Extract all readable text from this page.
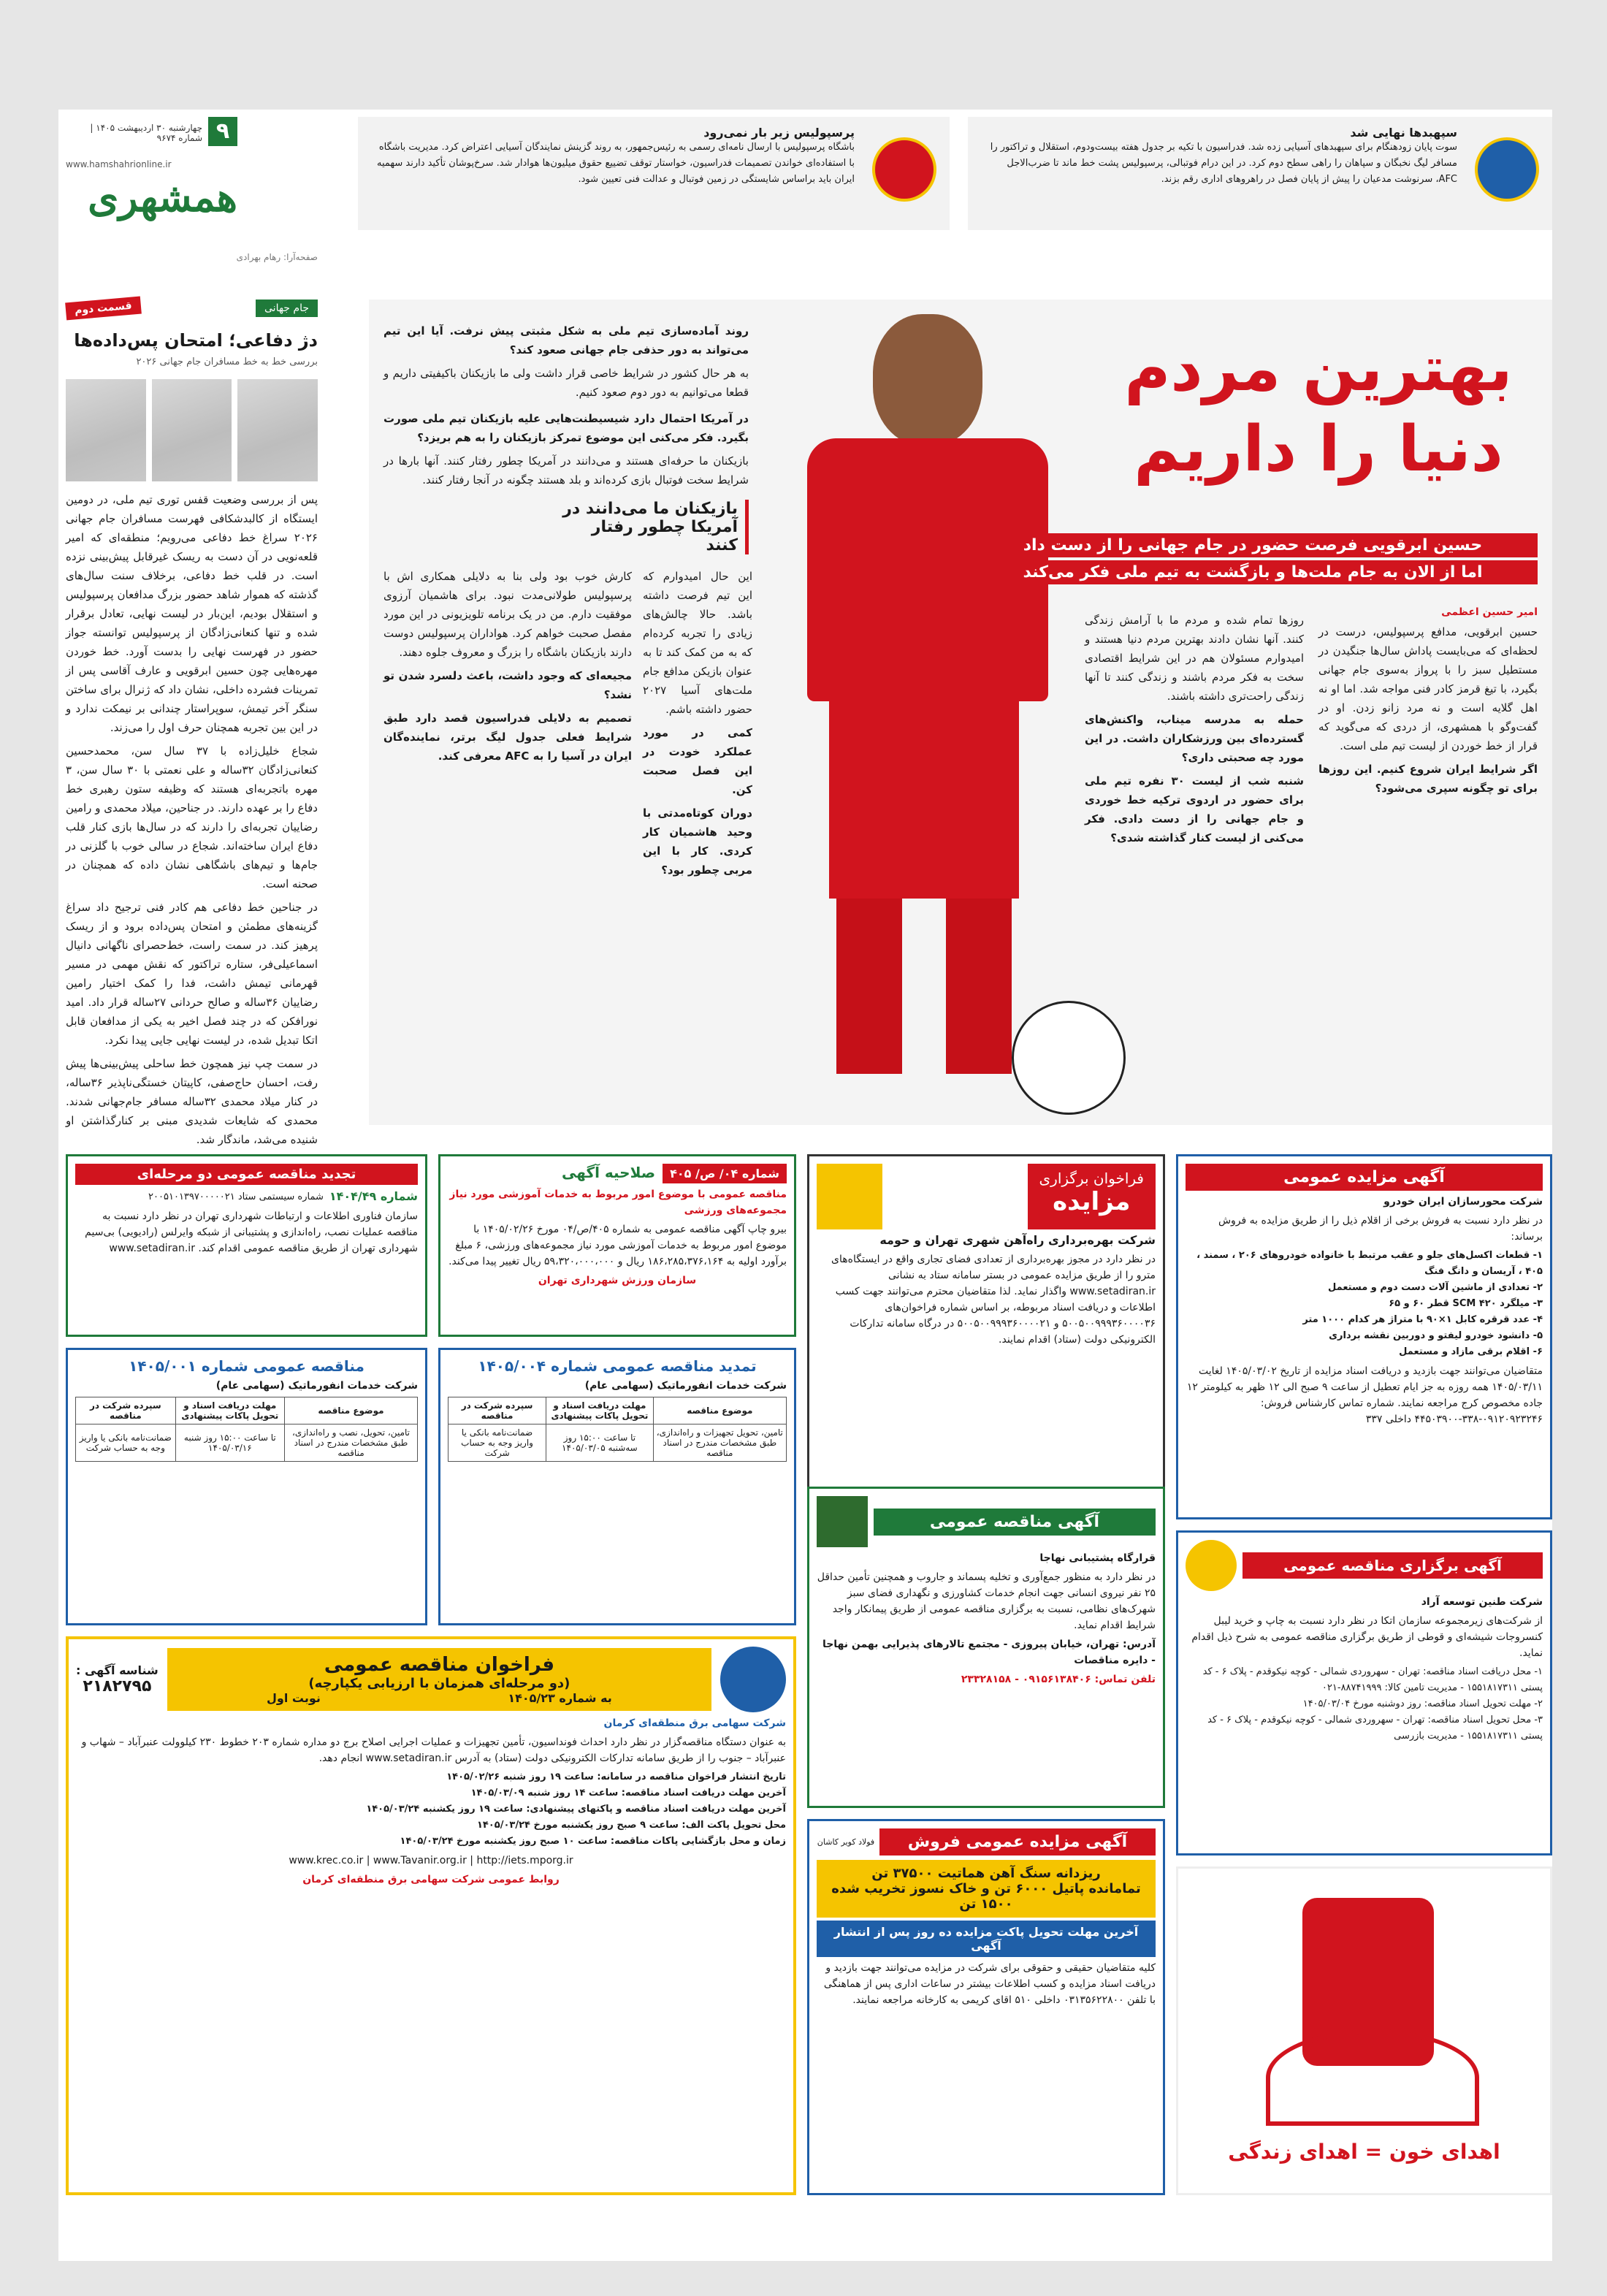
۹
چهارشنبه ۳۰ اردیبهشت ۱۴۰۵ | شماره ۹۶۷۴
www.hamshahrionline.ir
همشهری
پرسپولیس زیر بار نمی‌رود
باشگاه پرسپولیس با ارسال نامه‌ای رسمی به رئیس‌جمهور، به روند گزینش نمایندگان آسیایی اعتراض کرد. مدیریت باشگاه با استفاده‌ای خواندن تصمیمات فدراسیون، خواستار توقف تضییع حقوق میلیون‌ها هوادار شد. سرخ‌پوشان تأکید دارند سهمیه ایران باید براساس شایستگی در زمین فوتبال و عدالت فنی تعیین شود.
سپهبدها نهایی شد
سوت پایان زودهنگام برای سپهبدهای آسیایی زده شد. فدراسیون با تکیه بر جدول هفته بیست‌ودوم، استقلال و تراکتور را مسافر لیگ نخبگان و سپاهان را راهی سطح دوم کرد. در این درام فوتبالی، پرسپولیس پشت خط ماند تا ضرب‌الاجل AFC، سرنوشت مدعیان را پیش از پایان فصل در راهروهای اداری رقم بزند.
صفحه‌آرا: رهام بهرادی
جام جهانی
قسمت دوم
دژ دفاعی؛ امتحان پس‌داده‌ها
بررسی خط به خط مسافران جام جهانی ۲۰۲۶

پس از بررسی وضعیت قفس توری تیم ملی، در دومین ایستگاه از کالبدشکافی فهرست مسافران جام جهانی ۲۰۲۶ سراغ خط دفاعی می‌رویم؛ منطقه‌ای که امیر قلعه‌نویی در آن دست به ریسک غیرقابل پیش‌بینی نزده است. در قلب خط دفاعی، برخلاف سنت سال‌های گذشته که هموار شاهد حضور بزرگ مدافعان پرسپولیس و استقلال بودیم، این‌بار در لیست نهایی، تعادل برقرار شده و تنها کنعانی‌زادگان از پرسپولیس توانسته جواز حضور در فهرست نهایی را بدست آورد. خط خوردن مهره‌هایی چون حسین ابرقویی و عارف آقاسی پس از تمرینات فشرده داخلی، نشان داد که ژنرال برای ساختن سنگر آخر تیمش، سوپراستار چندانی بر نیمکت ندارد و در این بین تجربه همچنان حرف اول را می‌زند.

شجاع خلیل‌زاده با ۳۷ سال سن، محمدحسین کنعانی‌زادگان ۳۲ساله و علی نعمتی با ۳۰ سال سن، ۳ مهره باتجربه‌ای هستند که وظیفه ستون رهبری خط دفاع را بر عهده دارند. در جناحین، میلاد محمدی و رامین رضاییان تجربه‌ای را دارند که در سال‌ها بازی کنار قلب دفاع ایران ساخته‌اند. شجاع در سالی خوب با گلزنی در جام‌ها و تیم‌های باشگاهی نشان داده که همچنان در صحنه است.

در جناحین خط دفاعی هم کادر فنی ترجیح داد سراغ گزینه‌های مطمئن و امتحان پس‌داده برود و از ریسک پرهیز کند. در سمت راست، خط‌حصرای ناگهانی دانیال اسماعیلی‌فر، ستاره تراکتور که نقش مهمی در مسیر قهرمانی تیمش داشت، فدا را کمک اختیار رامین رضاییان ۳۶ساله و صالح حردانی ۲۷ساله قرار داد. امید نورافکن که در چند فصل اخیر به یکی از مدافعان قابل اتکا تبدیل شده، در لیست نهایی جایی پیدا نکرد.

در سمت چپ نیز همچون خط ساحلی پیش‌بینی‌ها پیش رفت، احسان حاج‌صفی، کاپیتان خستگی‌ناپذیر ۳۶ساله، در کنار میلاد محمدی ۳۲ساله مسافر جام‌جهانی شدند. محمدی که شایعات شدیدی مبنی بر کنارگذاشتن او شنیده می‌شد، ماندگار شد.

بهترین مردم
دنیا را داریم
حسین ابرقویی فرصت حضور در جام جهانی را از دست داد
اما از الان به جام ملت‌ها و بازگشت به تیم ملی فکر می‌کند
امیر حسین اعظمی

حسین ابرقویی، مدافع پرسپولیس، درست در لحظه‌ای که می‌بایست پاداش سال‌ها جنگیدن در مستطیل سبز را با پرواز به‌سوی جام جهانی بگیرد، با تیغ قرمز کادر فنی مواجه شد. اما او نه اهل گلایه است و نه مرد زانو زدن. او در گفت‌وگو با همشهری، از دردی که می‌گوید که قرار از خط خوردن از لیست تیم ملی است.

اگر شرایط ایران شروع کنیم. این روزها برای تو چگونه سپری می‌شود؟

روزها تمام شده و مردم ما با آرامش زندگی کنند. آنها نشان دادند بهترین مردم دنیا هستند و امیدوارم مسئولان هم در این شرایط اقتصادی سخت به فکر مردم باشند و زندگی کنند تا آنها زندگی راحت‌تری داشته باشند.

حمله به مدرسه میناب، واکنش‌های گسترده‌ای بین ورزشکاران داشت. در این مورد چه صحبتی داری؟

شنبه شب از لیست ۳۰ نفره تیم ملی برای حضور در اردوی ترکیه خط خوردی و جام جهانی را از دست دادی. فکر می‌کنی از لیست کنار گذاشته شدی؟

روند آماده‌سازی تیم ملی به شکل مثبتی پیش نرفت. آیا این تیم می‌تواند به دور حذفی جام جهانی صعود کند؟

به هر حال کشور در شرایط خاصی قرار داشت ولی ما بازیکنان باکیفیتی داریم و قطعا می‌توانیم به دور دوم صعود کنیم.

در آمریکا احتمال دارد شیسیطنت‌هایی علیه بازیکنان تیم ملی صورت بگیرد. فکر می‌کنی این موضوع تمرکز بازیکنان را به هم بریزد؟

بازیکنان ما حرفه‌ای هستند و می‌دانند در آمریکا چطور رفتار کنند. آنها بارها در شرایط سخت فوتبال بازی کرده‌اند و بلد هستند چگونه در آنجا رفتار کنند.

بازیکنان ما می‌دانند در آمریکا چطور رفتار کنند

کارش خوب بود ولی بنا به دلایلی همکاری اش با پرسپولیس طولانی‌مدت نبود. برای هاشمیان آرزوی موفقیت دارم. من در یک برنامه تلویزیونی در این مورد مفصل صحبت خواهم کرد. هواداران پرسپولیس دوست دارند بازیکنان باشگاه را بزرگ و معروف جلوه دهند.

مجیعه‌ای که وجود داشت، باعث دلسرد شدن تو نشد؟

تصمیم به دلایلی فدراسیون قصد دارد طبق شرایط فعلی جدول لیگ برتر، نماینده‌گان ایران در آسیا را به AFC معرفی کند.

این حال امیدوارم که این تیم فرصت داشته باشد. حالا چالش‌های زیادی را تجربه کرده‌ام که به من کمک کند تا به عنوان بازیکن مدافع جام ملت‌های آسیا ۲۰۲۷ حضور داشته باشم.

کمی در مورد عملکرد خودت در این فصل صحبت کن.

دوران کوتاه‌مدتی با وحید هاشمیان کار کردی. کار با این مربی چطور بود؟

آگهی مزایده عمومی

شرکت محورسازان ایران خودرو

در نظر دارد نسبت به فروش برخی از اقلام ذیل را از طریق مزایده به فروش برساند:

۱- قطعات اکسل‌های جلو و عقب مرتبط با خانواده خودروهای ۲۰۶ ، سمند ، ۴۰۵ ، آریسان و دانگ فنگ
۲- تعدادی از ماشین آلات دست دوم و مستعمل
۳- میلگرد SCM ۴۲۰ قطر ۶۰ و ۶۵
۴- عدد قرقره کابل ۱×۹۰ با متراژ هر کدام ۱۰۰۰ متر
۵- دانشود خودرو لیفتو و دوربین نقشه برداری
۶- اقلام برقی مازاد و مستعمل

متقاضیان می‌توانند جهت بازدید و دریافت اسناد مزایده از تاریخ ۱۴۰۵/۰۳/۰۲ لغایت ۱۴۰۵/۰۳/۱۱ همه روزه به جز ایام تعطیل از ساعت ۹ صبح الی ۱۲ ظهر به کیلومتر ۱۲ جاده مخصوص کرج مراجعه نمایند. شماره تماس کارشناس فروش: ۰۹۱۲۰۹۲۳۲۴۶-۳۳۸-۴۴۵۰۳۹۰۰ داخلی ۳۳۷

فراخوان برگزاری
مزایده

شرکت بهره‌برداری راه‌آهن شهری تهران و حومه

در نظر دارد در مجوز بهره‌برداری از تعدادی فضای تجاری واقع در ایستگاه‌های مترو را از طریق مزایده عمومی در بستر سامانه ستاد به نشانی www.setadiran.ir واگذار نماید. لذا متقاضیان محترم می‌توانند جهت کسب اطلاعات و دریافت اسناد مربوطه، بر اساس شماره فراخوان‌های ۵۰۰۵۰۰۹۹۹۳۶۰۰۰۰۳۶ و ۵۰۰۵۰۰۹۹۹۳۶۰۰۰۰۲۱ در درگاه سامانه تدارکات الکترونیکی دولت (ستاد) اقدام نمایند.

شماره ۰۴/ ص/ ۴۰۵
صلاحیه آگهی

مناقصه عمومی با موضوع امور مربوط به خدمات آموزشی مورد نیاز مجموعه‌های ورزشی

بیرو چاپ آگهی مناقصه عمومی به شماره ۴۰۵/ص/۰۴ مورخ ۱۴۰۵/۰۲/۲۶ با موضوع امور مربوط به خدمات آموزشی مورد نیاز مجموعه‌های ورزشی، ۶ مبلغ برآورد اولیه به ۱۸۶،۲۸۵،۳۷۶،۱۶۴ ریال و ۵۹،۳۲۰،۰۰۰،۰۰۰ ریال تغییر پیدا می‌کند.

سازمان ورزش شهرداری تهران

تجدید مناقصه عمومی دو مرحله‌ای
شماره ۱۴۰۴/۴۹
شماره سیستمی ستاد ۲۰۰۵۱۰۱۳۹۷۰۰۰۰۰۲۱

سازمان فناوری اطلاعات و ارتباطات شهرداری تهران در نظر دارد نسبت به مناقصه عملیات نصب، راه‌اندازی و پشتیبانی از شبکه وایرلس (رادیویی) بی‌سیم شهرداری تهران از طریق مناقصه عمومی اقدام کند. www.setadiran.ir

تمدید مناقصه عمومی شماره ۱۴۰۵/۰۰۴

شرکت خدمات انفورماتیک (سهامی عام)

موضوع مناقصه	مهلت دریافت اسناد و تحویل پاکات پیشنهادی	سپرده شرکت در مناقصه
تامین، تحویل تجهیزات و راه‌اندازی، طبق مشخصات مندرج در اسناد مناقصه	تا ساعت ۱۵:۰۰ روز سه‌شنبه ۱۴۰۵/۰۳/۰۵	ضمانت‌نامه بانکی یا واریز وجه به حساب شرکت
مناقصه عمومی شماره ۱۴۰۵/۰۰۱

شرکت خدمات انفورماتیک (سهامی عام)

موضوع مناقصه	مهلت دریافت اسناد و تحویل پاکات پیشنهادی	سپرده شرکت در مناقصه
تامین، تحویل، نصب و راه‌اندازی، طبق مشخصات مندرج در اسناد مناقصه	تا ساعت ۱۵:۰۰ روز شنبه ۱۴۰۵/۰۳/۱۶	ضمانت‌نامه بانکی یا واریز وجه به حساب شرکت
آگهی برگزاری مناقصه عمومی

شرکت طنین توسعه آراد

از شرکت‌های زیرمجموعه سازمان اتکا در نظر دارد نسبت به چاپ و خرید لیبل کنسروجات شیشه‌ای و قوطی از طریق برگزاری مناقصه عمومی به شرح ذیل اقدام نماید.

۱- محل دریافت اسناد مناقصه: تهران - سهروردی شمالی - کوچه نیکوقدم - پلاک ۶ - کد پستی ۱۵۵۱۸۱۷۳۱۱ - مدیریت تامین کالا: ۸۸۷۴۱۹۹۹-۰۲۱
۲- مهلت تحویل اسناد مناقصه: روز دوشنبه مورخ ۱۴۰۵/۰۳/۰۴
۳- محل تحویل اسناد مناقصه: تهران - سهروردی شمالی - کوچه نیکوقدم - پلاک ۶ - کد پستی ۱۵۵۱۸۱۷۳۱۱ - مدیریت بازرسی
آگهی مناقصه عمومی

قرارگاه پشتیبانی نهاجا

در نظر دارد به منظور جمع‌آوری و تخلیه پسماند و جاروب و همچنین تأمین حداقل ۲۵ نفر نیروی انسانی جهت انجام خدمات کشاورزی و نگهداری فضای سبز شهرک‌های نظامی، نسبت به برگزاری مناقصه عمومی از طریق پیمانکار واجد شرایط اقدام نماید.

آدرس: تهران، خیابان پیروزی - مجتمع تالارهای پذیرایی بهمن نهاجا - دایره مناقصات

تلفن تماس: ۰۹۱۵۶۱۳۸۴۰۶ - ۲۳۳۲۸۱۵۸

آگهی مزایده عمومی فروش
فولاد کویر کاشان
ریزدانه سنگ آهن هماتیت ۳۷۵۰۰ تن
تمامانده پاتیل ۶۰۰۰ تن و خاک نسوز تخریب شده ۱۵۰۰ تن
آخرین مهلت تحویل پاکت مزایده ده روز پس از انتشار آگهی

کلیه متقاضیان حقیقی و حقوقی برای شرکت در مزایده می‌توانند جهت بازدید و دریافت اسناد مزایده و کسب اطلاعات بیشتر در ساعات اداری پس از هماهنگی با تلفن ۰۳۱۳۵۶۲۲۸۰۰ داخلی ۵۱۰ اقای کریمی به کارخانه مراجعه نمایند.

فراخوان مناقصه عمومی
(دو مرحله‌ای همزمان با ارزیابی یکپارچه)
به شماره ۱۴۰۵/۲۳
نوبت اول
شناسه آگهی :
۲۱۸۲۷۹۵

شرکت سهامی برق منطقه‌ای کرمان

به عنوان دستگاه مناقصه‌گزار در نظر دارد احداث فونداسیون، تأمین تجهیزات و عملیات اجرایی اصلاح برج دو مداره شماره ۲۰۳ خطوط ۲۳۰ کیلوولت عنبرآباد – شهاب و عنبرآباد – جنوب را از طریق سامانه تدارکات الکترونیکی دولت (ستاد) به آدرس www.setadiran.ir انجام دهد.

تاریخ انتشار فراخوان مناقصه در سامانه: ساعت ۱۹ روز شنبه ۱۴۰۵/۰۲/۲۶
آخرین مهلت دریافت اسناد مناقصه: ساعت ۱۴ روز شنبه ۱۴۰۵/۰۳/۰۹
آخرین مهلت دریافت اسناد مناقصه و پاکتهای پیشنهادی: ساعت ۱۹ روز یکشنبه ۱۴۰۵/۰۳/۲۴
محل تحویل پاکت الف: ساعت ۹ صبح روز یکشنبه مورخ ۱۴۰۵/۰۳/۲۴
زمان و محل بازگشایی پاکات مناقصه: ساعت ۱۰ صبح روز یکشنبه مورخ ۱۴۰۵/۰۳/۲۴

www.krec.co.ir | www.Tavanir.org.ir | http://iets.mporg.ir

روابط عمومی شرکت سهامی برق منطقه‌ای کرمان

اهدای خون = اهدای زندگی
